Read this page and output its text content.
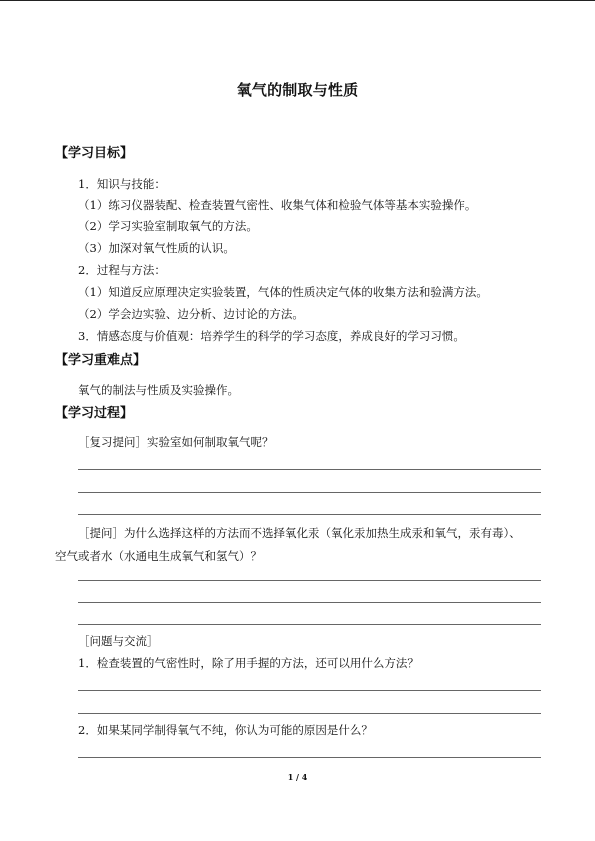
氧气的制取与性质
【学习目标】
1．知识与技能：
（1）练习仪器装配、检查装置气密性、收集气体和检验气体等基本实验操作。
（2）学习实验室制取氧气的方法。
（3）加深对氧气性质的认识。
2．过程与方法：
（1）知道反应原理决定实验装置，气体的性质决定气体的收集方法和验满方法。
（2）学会边实验、边分析、边讨论的方法。
3．情感态度与价值观：培养学生的科学的学习态度，养成良好的学习习惯。
【学习重难点】
氧气的制法与性质及实验操作。
【学习过程】
［复习提问］实验室如何制取氧气呢？
［提问］为什么选择这样的方法而不选择氧化汞（氧化汞加热生成汞和氧气，汞有毒）、
空气或者水（水通电生成氧气和氢气）？
［问题与交流］
1．检查装置的气密性时，除了用手握的方法，还可以用什么方法？
2．如果某同学制得氧气不纯，你认为可能的原因是什么？
1 / 4
